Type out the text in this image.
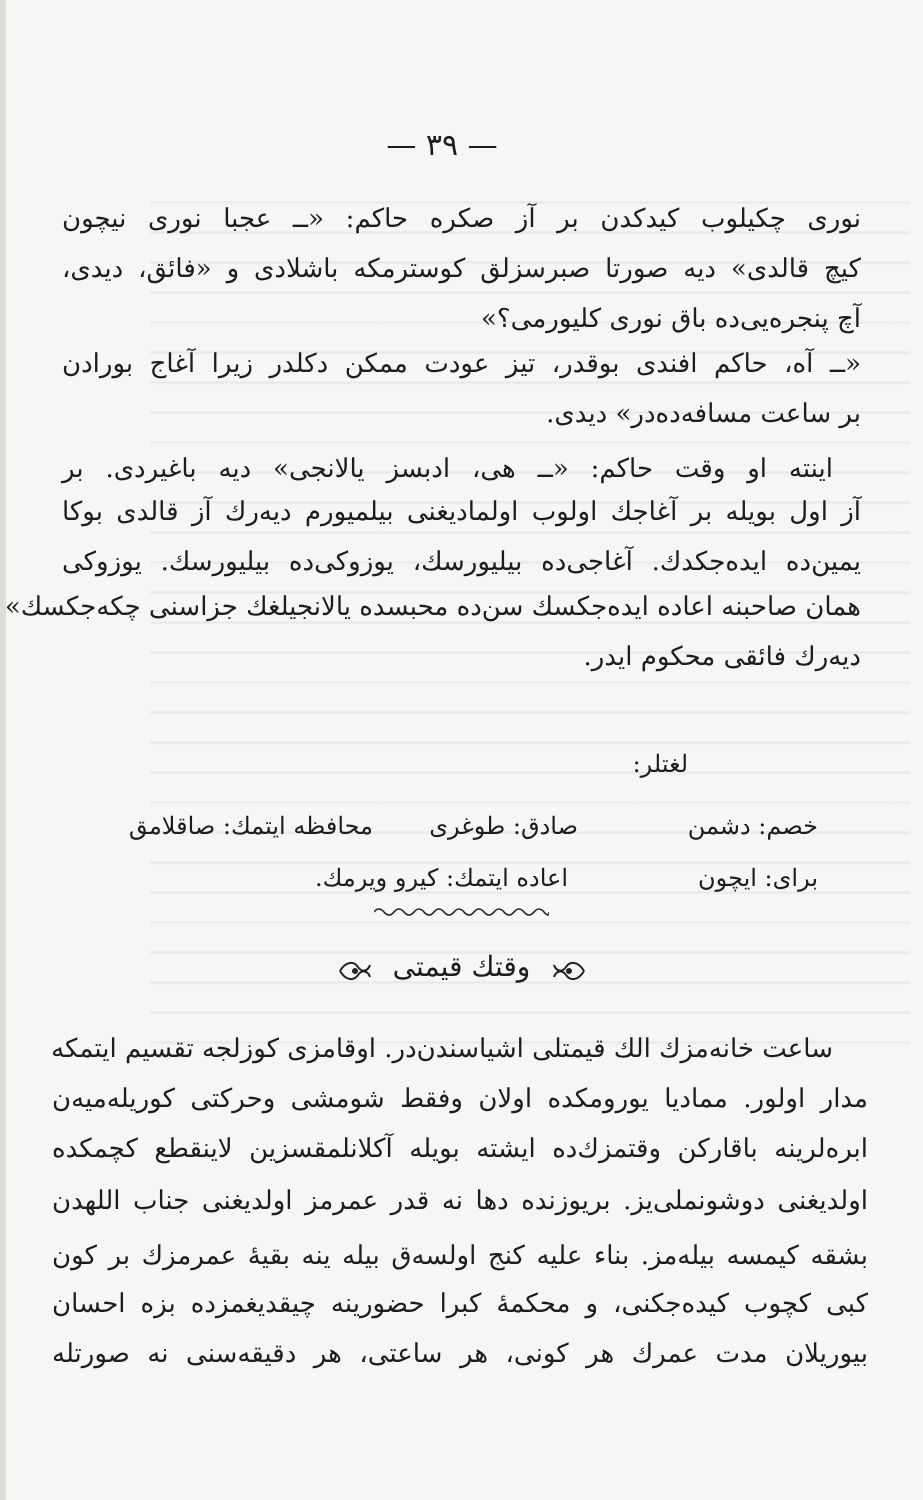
— ٣٩ —
نوری چکیلوب کیدکدن بر آز صکره حاکم: «ــ عجبا نوری نیچون
کیچ قالدی» دیه صورتا صبرسزلق کوسترمکه باشلادی و «فائق، دیدی،
آچ پنجره‌یی‌ده باق نوری کلیورمی؟»
«ــ آه، حاکم افندی بوقدر، تیز عودت ممکن دکلدر زیرا آغاج بورادن
بر ساعت مسافه‌ده‌در» دیدی.
اینته او وقت حاکم: «ــ هی، ادبسز یالانجی» دیه باغیردی. بر
آز اول بویله بر آغاجك اولوب اولمادیغنی بیلمیورم دیه‌رك آز قالدی بوکا
یمین‌ده ایده‌جکدك. آغاجی‌ده بیلیورسك، یوزوکی‌ده بیلیورسك. یوزوکی
همان صاحبنه اعاده ایده‌جکسك سن‌ده محبسده یالانجیلغك جزاسنی چکه‌جکسك»
دیه‌رك فائقی محکوم ایدر.
لغتلر:
خصم: دشمن
صادق: طوغری
محافظه ایتمك: صاقلامق
برای: ایچون
اعاده ایتمك: کیرو ویرمك.
وقتك قیمتی
ساعت خانه‌مزك الك قیمتلی اشیاسندن‌در. اوقامزی کوزلجه تقسیم ایتمکه
مدار اولور. مماديا یورومکده اولان وفقط شومشی وحرکتی کوریله‌میه‌ن
ابره‌لرینه باقارکن وقتمزك‌ده ایشته بویله آکلانلمقسزین لاینقطع کچمکده
اولدیغنی دوشونملی‌یز. بریوزنده دها نه قدر عمرمز اولدیغنی جناب اللهدن
بشقه کیمسه بیله‌مز. بناء علیه کنج اولسه‌ق بیله ینه بقیهٔ عمرمزك بر کون
کبی کچوب کیده‌جکنی، و محکمهٔ کبرا حضورینه چیقدیغمزده بزه احسان
بیوریلان مدت عمرك هر کونی، هر ساعتی، هر دقیقه‌سنی نه صورتله
